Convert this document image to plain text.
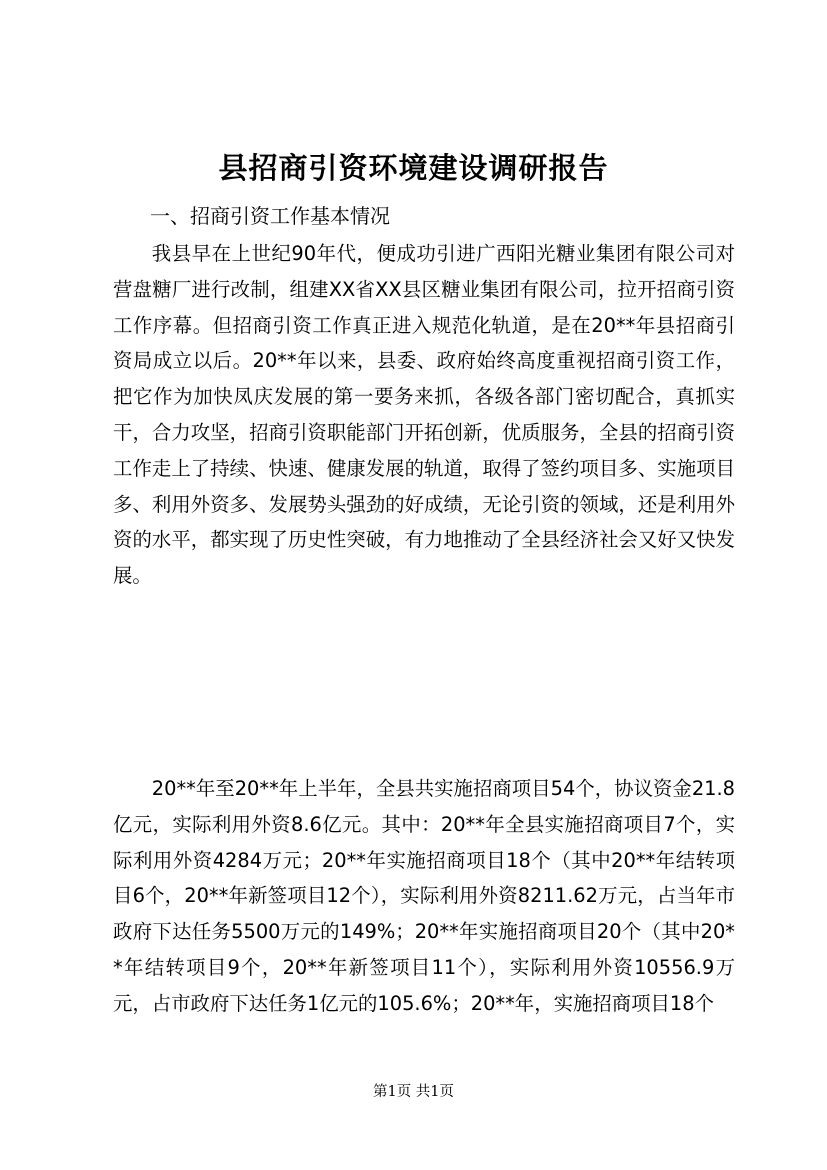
县招商引资环境建设调研报告

一、招商引资工作基本情况

我县早在上世纪90年代，便成功引进广西阳光糖业集团有限公司对营盘糖厂进行改制，组建XX省XX县区糖业集团有限公司，拉开招商引资工作序幕。但招商引资工作真正进入规范化轨道，是在20**年县招商引资局成立以后。20**年以来，县委、政府始终高度重视招商引资工作，把它作为加快凤庆发展的第一要务来抓，各级各部门密切配合，真抓实干，合力攻坚，招商引资职能部门开拓创新，优质服务，全县的招商引资工作走上了持续、快速、健康发展的轨道，取得了签约项目多、实施项目多、利用外资多、发展势头强劲的好成绩，无论引资的领域，还是利用外资的水平，都实现了历史性突破，有力地推动了全县经济社会又好又快发展。

20**年至20**年上半年，全县共实施招商项目54个，协议资金21.8亿元，实际利用外资8.6亿元。其中：20**年全县实施招商项目7个，实际利用外资4284万元；20**年实施招商项目18个（其中20**年结转项目6个，20**年新签项目12个），实际利用外资8211.62万元，占当年市政府下达任务5500万元的149%；20**年实施招商项目20个（其中20**年结转项目9个，20**年新签项目11个），实际利用外资10556.9万元，占市政府下达任务1亿元的105.6%；20**年，实施招商项目18个

第1页 共1页
